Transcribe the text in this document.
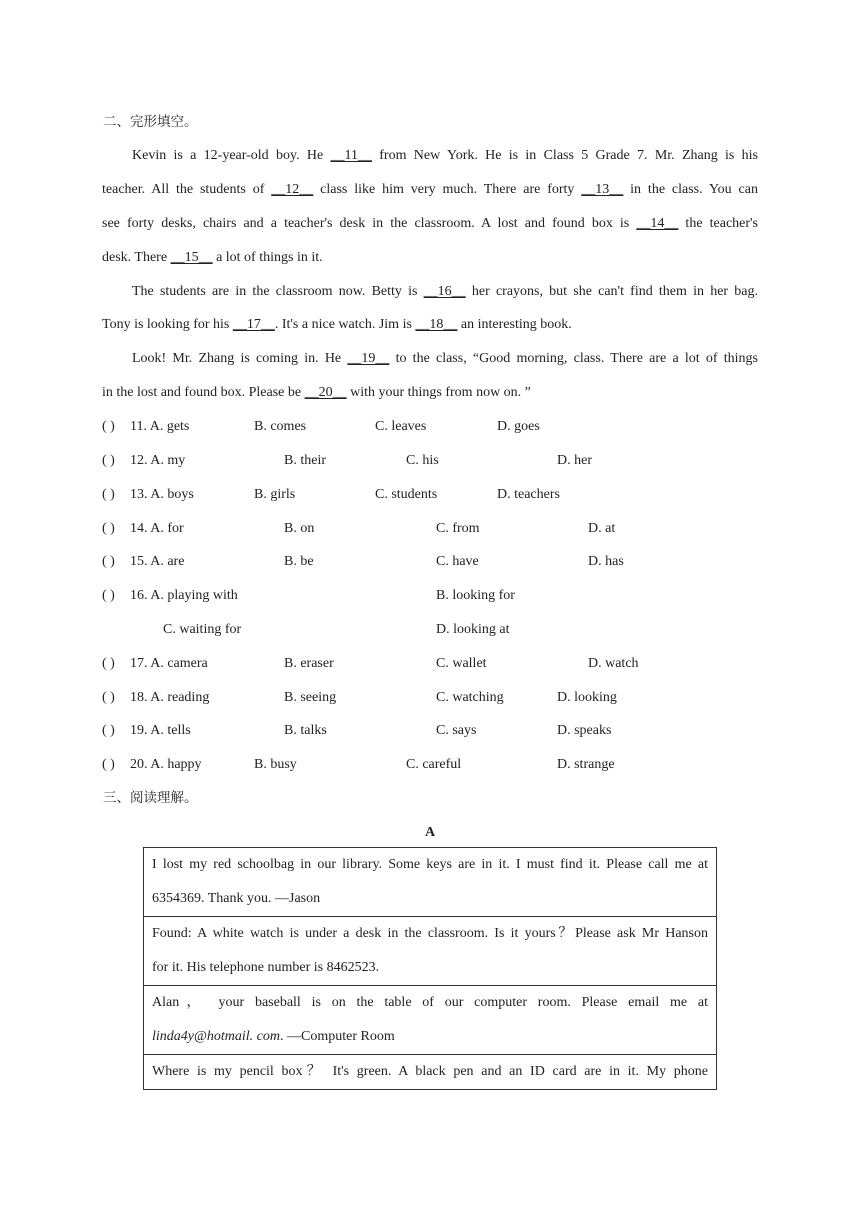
二、完形填空。
Kevin is a 12-year-old boy. He __11__ from New York. He is in Class 5 Grade 7. Mr. Zhang is his
teacher. All the students of __12__ class like him very much. There are forty __13__ in the class. You can
see forty desks, chairs and a teacher's desk in the classroom. A lost and found box is __14__ the teacher's
desk. There __15__ a lot of things in it.
The students are in the classroom now. Betty is __16__ her crayons, but she can't find them in her bag.
Tony is looking for his __17__. It's a nice watch. Jim is __18__ an interesting book.
Look! Mr. Zhang is coming in. He __19__ to the class, “Good morning, class. There are a lot of things
in the lost and found box. Please be __20__ with your things from now on. ”
( ) 11. A. gets	B. comes	C. leaves	D. goes
( ) 12. A. my	B. their	C. his	D. her
( ) 13. A. boys	B. girls	C. students	D. teachers
( ) 14. A. for	B. on	C. from	D. at
( ) 15. A. are	B. be	C. have	D. has
( ) 16. A. playing with	B. looking for
C. waiting for	D. looking at
( ) 17. A. camera	B. eraser	C. wallet	D. watch
( ) 18. A. reading	B. seeing	C. watching	D. looking
( ) 19. A. tells	B. talks	C. says	D. speaks
( ) 20. A. happy	B. busy	C. careful	D. strange
三、阅读理解。
A
I lost my red schoolbag in our library. Some keys are in it. I must find it. Please call me at
6354369. Thank you. —Jason

Found: A white watch is under a desk in the classroom. Is it yours？Please ask Mr Hanson
for it. His telephone number is 8462523.

Alan， your baseball is on the table of our computer room. Please email me at
linda4y@hotmail. com. —Computer Room

Where is my pencil box？ It's green. A black pen and an ID card are in it. My phone
